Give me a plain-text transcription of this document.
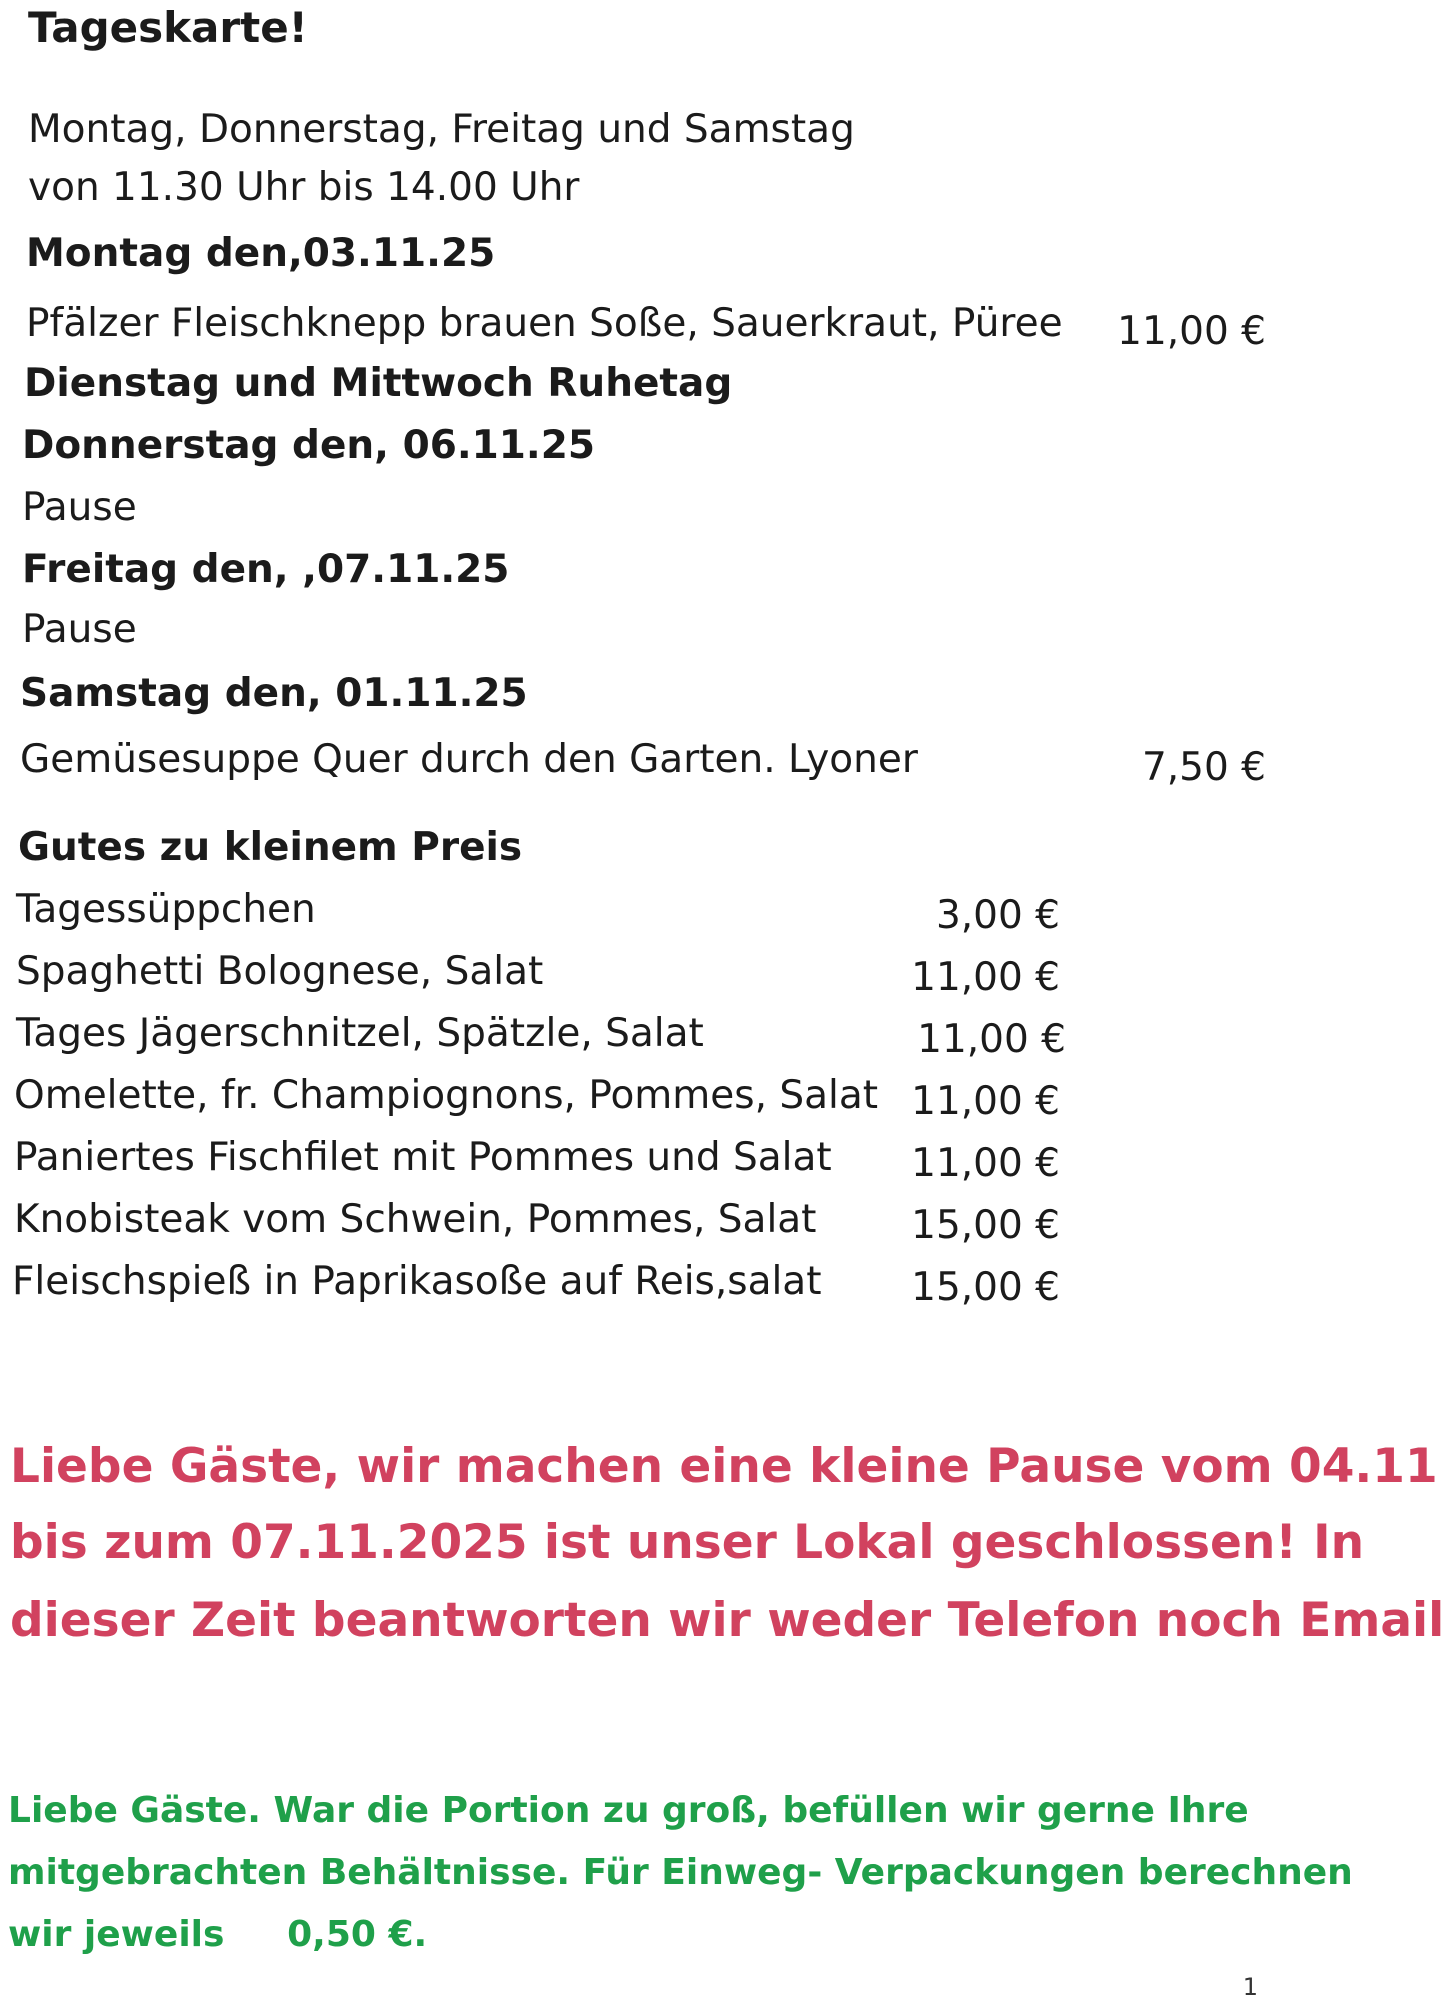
Tageskarte!
Montag, Donnerstag, Freitag und Samstag
von 11.30 Uhr bis 14.00 Uhr
Montag den,03.11.25
Pfälzer Fleischknepp brauen Soße, Sauerkraut, Püree 11,00 €
Dienstag und Mittwoch Ruhetag
Donnerstag den, 06.11.25
Pause
Freitag den, ,07.11.25
Pause
Samstag den, 01.11.25
Gemüsesuppe Quer durch den Garten. Lyoner	7,50 €
Gutes zu kleinem Preis
Tagessüppchen	3,00 €
Spaghetti Bolognese, Salat	11,00 €
Tages Jägerschnitzel, Spätzle, Salat	11,00 €
Omelette, fr. Champiognons, Pommes, Salat 11,00 €
Paniertes Fischfilet mit Pommes und Salat 11,00 €
Knobisteak vom Schwein, Pommes, Salat 15,00 €
Fleischspieß in Paprikasoße auf Reis,salat 15,00 €
Liebe Gäste, wir machen eine kleine Pause vom 04.11
bis zum 07.11.2025 ist unser Lokal geschlossen! In
dieser Zeit beantworten wir weder Telefon noch Email
Liebe Gäste. War die Portion zu groß, befüllen wir gerne Ihre
mitgebrachten Behältnisse. Für Einweg- Verpackungen berechnen
wir jeweils     0,50 €.
1
